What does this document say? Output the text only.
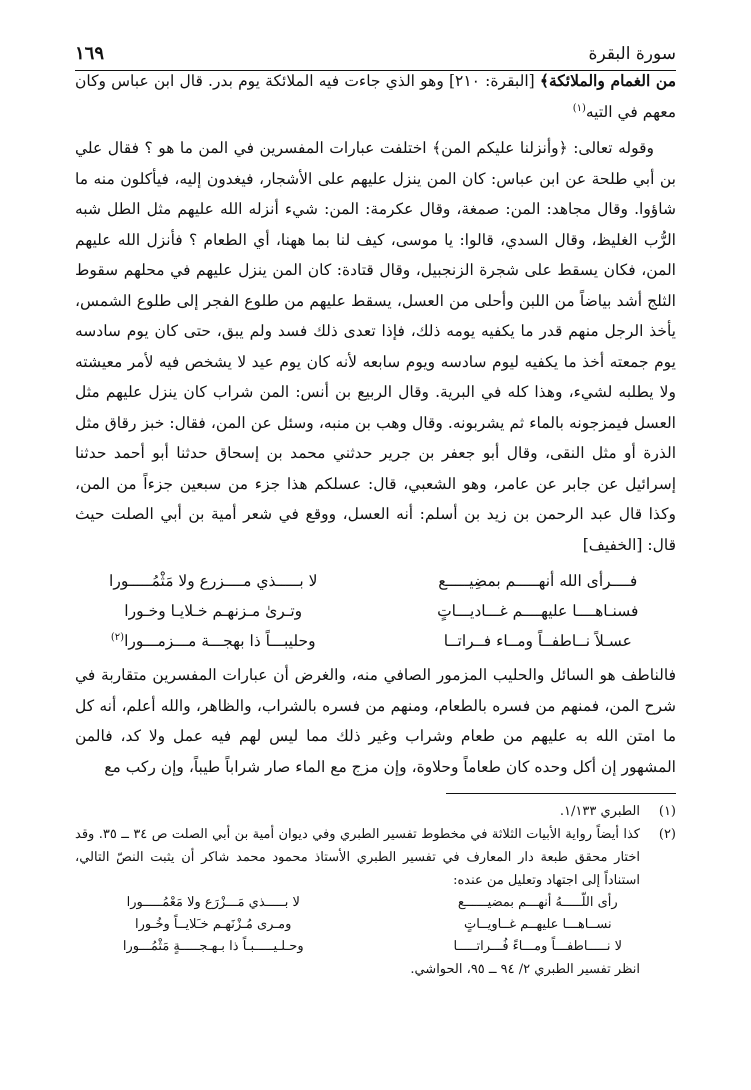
سورة البقرة
١٦٩

من الغمام والملائكة﴾ [البقرة: ٢١٠] وهو الذي جاءت فيه الملائكة يوم بدر. قال ابن عباس وكان معهم في التيه$^{(١)}$

وقوله تعالى: ﴿وأنزلنا عليكم المن﴾ اختلفت عبارات المفسرين في المن ما هو ؟ فقال علي بن أبي طلحة عن ابن عباس: كان المن ينزل عليهم على الأشجار، فيغدون إليه، فيأكلون منه ما شاؤوا. وقال مجاهد: المن: صمغة، وقال عكرمة: المن: شيء أنزله الله عليهم مثل الطل شبه الرُّب الغليظ، وقال السدي، قالوا: يا موسى، كيف لنا بما ههنا، أي الطعام ؟ فأنزل الله عليهم المن، فكان يسقط على شجرة الزنجبيل، وقال قتادة: كان المن ينزل عليهم في محلهم سقوط الثلج أشد بياضاً من اللبن وأحلى من العسل، يسقط عليهم من طلوع الفجر إلى طلوع الشمس، يأخذ الرجل منهم قدر ما يكفيه يومه ذلك، فإذا تعدى ذلك فسد ولم يبق، حتى كان يوم سادسه يوم جمعته أخذ ما يكفيه ليوم سادسه ويوم سابعه لأنه كان يوم عيد لا يشخص فيه لأمر معيشته ولا يطلبه لشيء، وهذا كله في البرية. وقال الربيع بن أنس: المن شراب كان ينزل عليهم مثل العسل فيمزجونه بالماء ثم يشربونه. وقال وهب بن منبه، وسئل عن المن، فقال: خبز رقاق مثل الذرة أو مثل النقى، وقال أبو جعفر بن جرير حدثني محمد بن إسحاق حدثنا أبو أحمد حدثنا إسرائيل عن جابر عن عامر، وهو الشعبي، قال: عسلكم هذا جزء من سبعين جزءاً من المن، وكذا قال عبد الرحمن بن زيد بن أسلم: أنه العسل، ووقع في شعر أمية بن أبي الصلت حيث قال: [الخفيف]

فــــرأى الله أنهـــــم بمضِيـــــع
لا بـــــذي مــــزرع ولا مَثْمُـــــورا
فسنـاهــــا عليهــــم غـــاديـــاتٍ
وتـرىٰ مـزنهـم خـلايـا وخـورا
عسـلاً نــاطفــاً ومــاء فــراتــا
وحليبـــاً ذا بهجـــة مـــزمـــورا$^{(٢)}$

فالناطف هو السائل والحليب المزمور الصافي منه، والغرض أن عبارات المفسرين متقاربة في شرح المن، فمنهم من فسره بالطعام، ومنهم من فسره بالشراب، والظاهر، والله أعلم، أنه كل ما امتن الله به عليهم من طعام وشراب وغير ذلك مما ليس لهم فيه عمل ولا كد، فالمن المشهور إن أكل وحده كان طعاماً وحلاوة، وإن مزج مع الماء صار شراباً طيباً، وإن ركب مع

(١)
الطبري ١/١٣٣.
(٢)
كذا أيضاً رواية الأبيات الثلاثة في مخطوط تفسير الطبري وفي ديوان أمية بن أبي الصلت ص ٣٤ ــ ٣٥. وقد اختار محقق طبعة دار المعارف في تفسير الطبري الأستاذ محمود محمد شاكر أن يثبت النصّ التالي، استناداً إلى اجتهاد وتعليل من عنده:
رأى اللّـــــهُ أنهـــم بمضيــــــع
لا بـــــذي مَـــزْرَع ولا مَعْمُـــــورا
نســاهـــا عليهــم غــاويــاتٍ
ومـرى مُـزْنَهـم خـَلايــاً وخُـورا
لا نـــــاطفـــاً ومـــاءً فُـــراتـــــا
وحـلـيـــــبـاً ذا بـهـجـــــةٍ مَثْمُـــورا
انظر تفسير الطبري ٢/ ٩٤ ــ ٩٥، الحواشي.
